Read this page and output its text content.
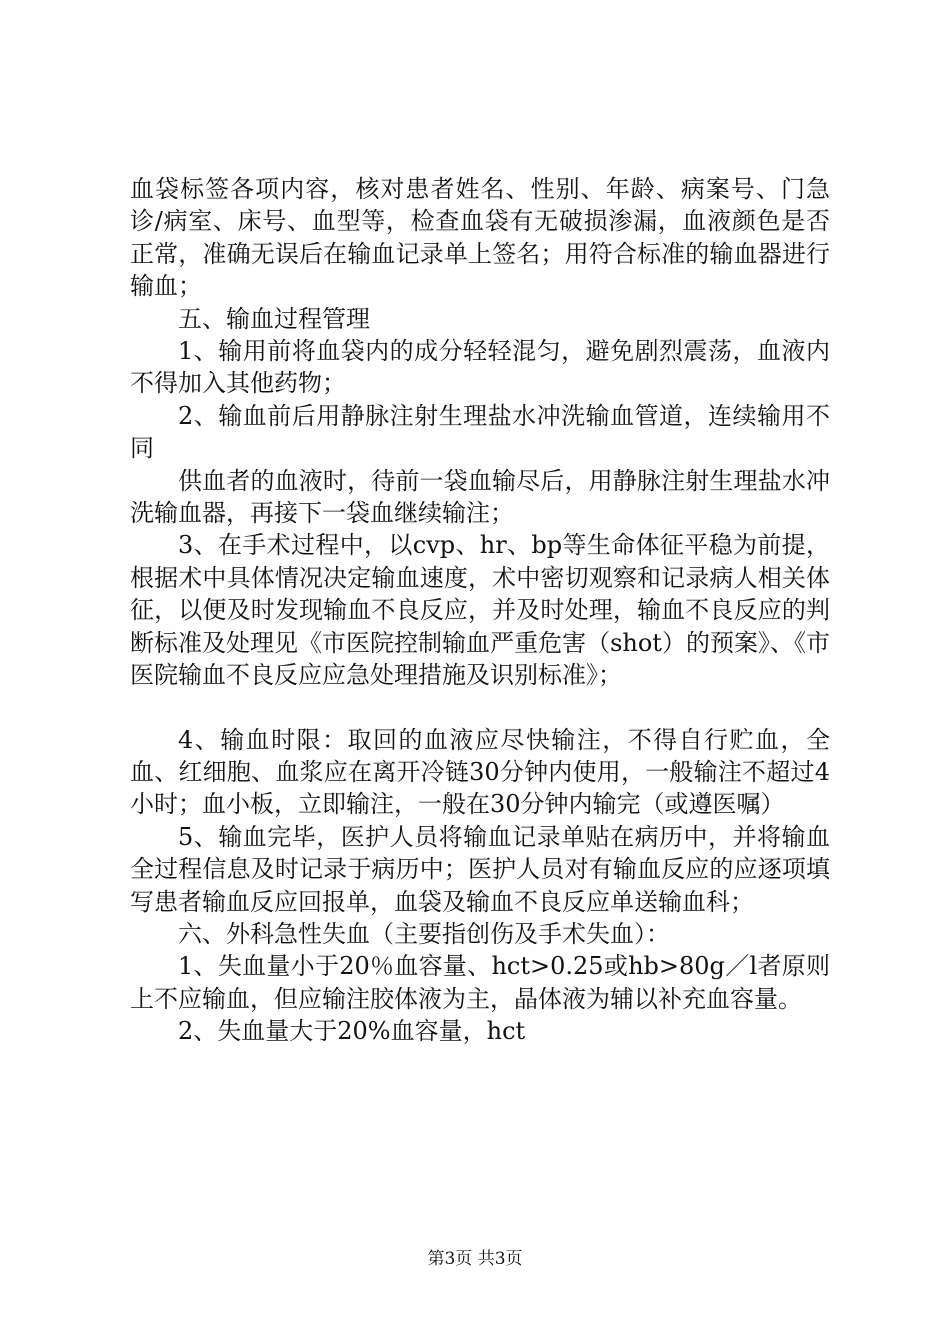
血袋标签各项内容，核对患者姓名、性别、年龄、病案号、门急诊/病室、床号、血型等，检查血袋有无破损渗漏，血液颜色是否正常，准确无误后在输血记录单上签名；用符合标准的输血器进行输血；

五、输血过程管理

1、输用前将血袋内的成分轻轻混匀，避免剧烈震荡，血液内不得加入其他药物；

2、输血前后用静脉注射生理盐水冲洗输血管道，连续输用不同

供血者的血液时，待前一袋血输尽后，用静脉注射生理盐水冲洗输血器，再接下一袋血继续输注；

3、在手术过程中，以cvp、hr、bp等生命体征平稳为前提，根据术中具体情况决定输血速度，术中密切观察和记录病人相关体征，以便及时发现输血不良反应，并及时处理，输血不良反应的判断标准及处理见《市医院控制输血严重危害（shot）的预案》、《市医院输血不良反应应急处理措施及识别标准》；

4、输血时限：取回的血液应尽快输注，不得自行贮血，全血、红细胞、血浆应在离开冷链30分钟内使用，一般输注不超过4小时；血小板，立即输注，一般在30分钟内输完（或遵医嘱）

5、输血完毕，医护人员将输血记录单贴在病历中，并将输血全过程信息及时记录于病历中；医护人员对有输血反应的应逐项填写患者输血反应回报单，血袋及输血不良反应单送输血科；

六、外科急性失血（主要指创伤及手术失血）：

1、失血量小于20％血容量、hct>0.25或hb>80g／l者原则上不应输血，但应输注胶体液为主，晶体液为辅以补充血容量。

2、失血量大于20%血容量，hct

第3页 共3页
